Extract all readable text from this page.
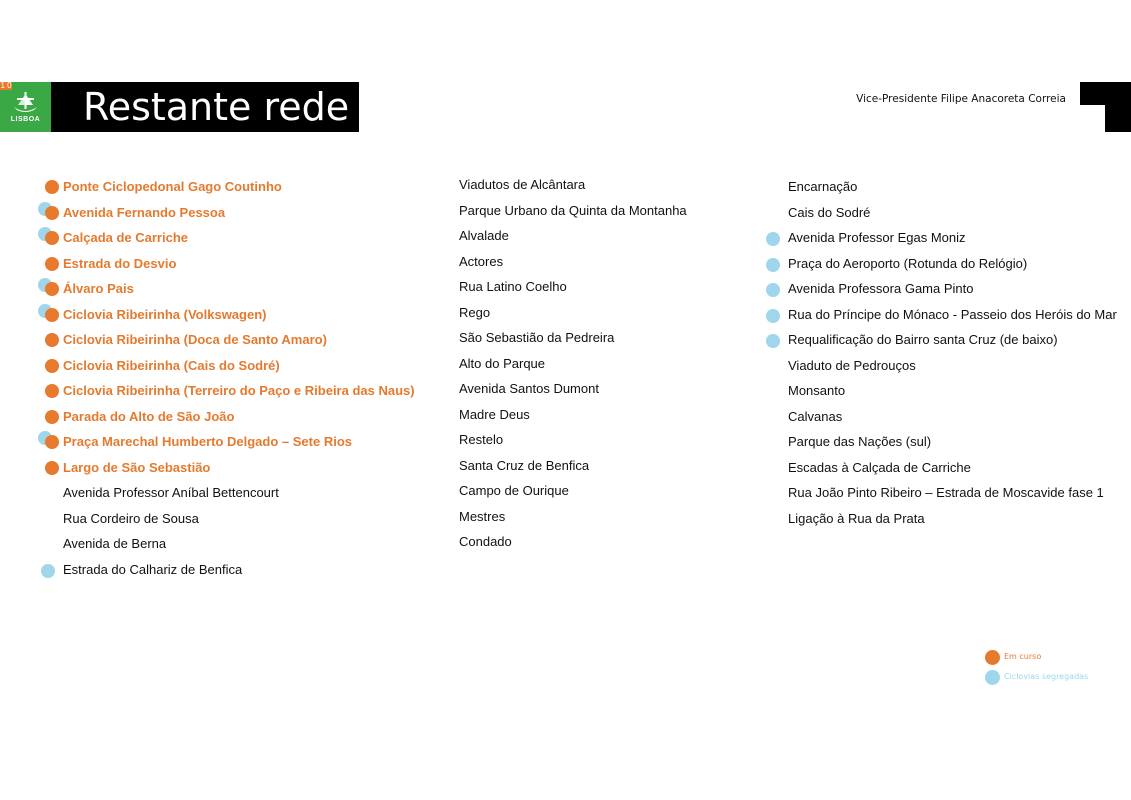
LISBOA
1 0 Restante rede	Vice-Presidente Filipe Anacoreta Correia
Ponte Ciclopedonal Gago Coutinho
Avenida Fernando Pessoa
Calçada de Carriche
Estrada do Desvio
Álvaro Pais
Ciclovia Ribeirinha (Volkswagen)
Ciclovia Ribeirinha (Doca de Santo Amaro)
Ciclovia Ribeirinha (Cais do Sodré)
Ciclovia Ribeirinha (Terreiro do Paço e Ribeira das Naus)
Parada do Alto de São João
Praça Marechal Humberto Delgado – Sete Rios
Largo de São Sebastião
Avenida Professor Aníbal Bettencourt
Rua Cordeiro de Sousa
Avenida de Berna
Estrada do Calhariz de Benfica
Viadutos de Alcântara
Parque Urbano da Quinta da Montanha
Alvalade
Actores
Rua Latino Coelho
Rego
São Sebastião da Pedreira
Alto do Parque
Avenida Santos Dumont
Madre Deus
Restelo
Santa Cruz de Benfica
Campo de Ourique
Mestres
Condado
Encarnação
Cais do Sodré
Avenida Professor Egas Moniz
Praça do Aeroporto (Rotunda do Relógio)
Avenida Professora Gama Pinto
Rua do Príncipe do Mónaco - Passeio dos Heróis do Mar
Requalificação do Bairro santa Cruz (de baixo)
Viaduto de Pedrouços
Monsanto
Calvanas
Parque das Nações (sul)
Escadas à Calçada de Carriche
Rua João Pinto Ribeiro – Estrada de Moscavide fase 1
Ligação à Rua da Prata
Em curso
Ciclovias segregadas
